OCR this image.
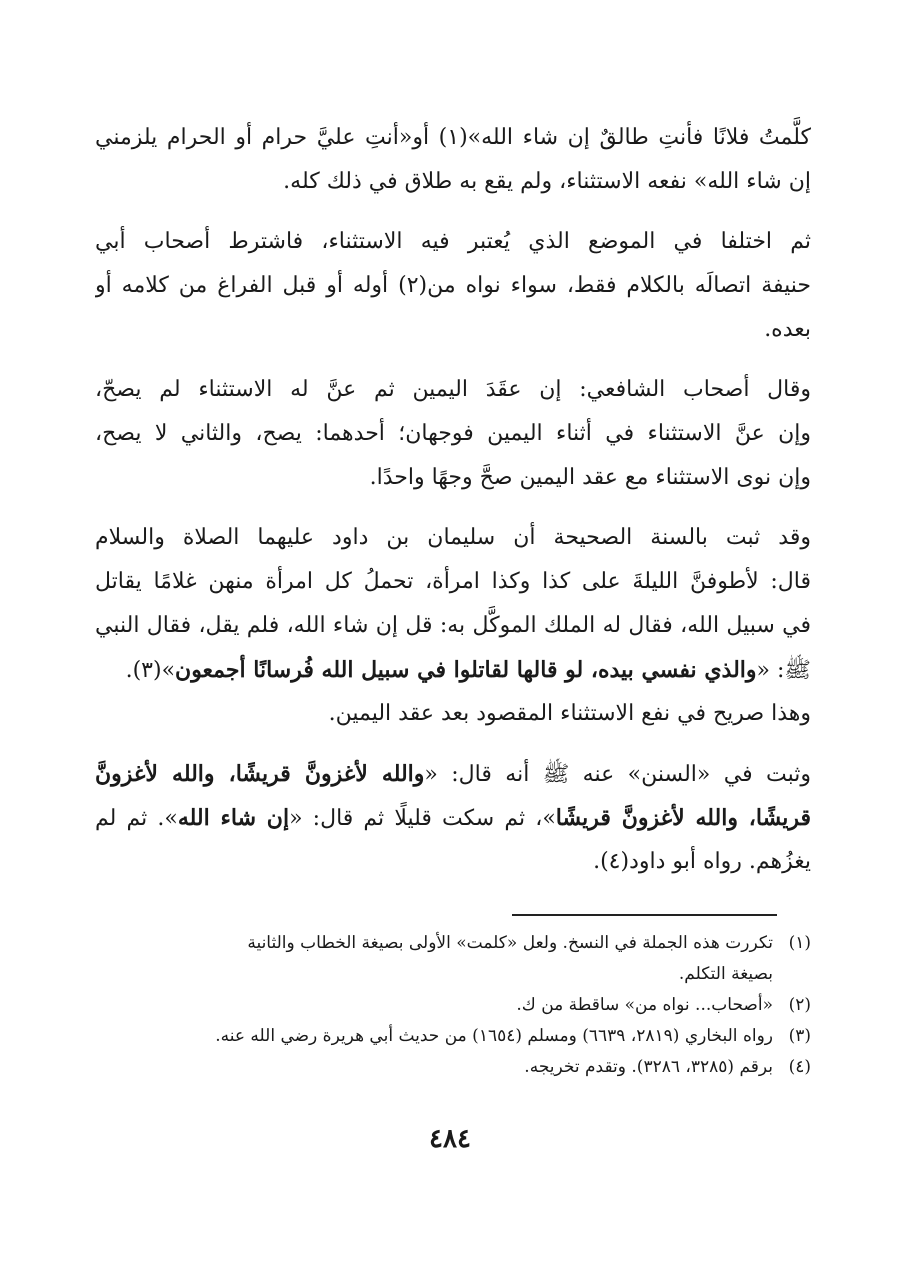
كلَّمتُ فلانًا فأنتِ طالقٌ إن شاء الله»(١) أو«أنتِ عليَّ حرام أو الحرام يلزمني
إن شاء الله» نفعه الاستثناء، ولم يقع به طلاق في ذلك كله.
ثم اختلفا في الموضع الذي يُعتبر فيه الاستثناء، فاشترط أصحاب أبي
حنيفة اتصالَه بالكلام فقط، سواء نواه من(٢) أوله أو قبل الفراغ من كلامه أو
بعده.
وقال أصحاب الشافعي: إن عقَدَ اليمين ثم عنَّ له الاستثناء لم يصحّ،
وإن عنَّ الاستثناء في أثناء اليمين فوجهان؛ أحدهما: يصح، والثاني لا يصح،
وإن نوى الاستثناء مع عقد اليمين صحَّ وجهًا واحدًا.
وقد ثبت بالسنة الصحيحة أن سليمان بن داود عليهما الصلاة والسلام
قال: لأطوفنَّ الليلةَ على كذا وكذا امرأة، تحملُ كل امرأة منهن غلامًا يقاتل
في سبيل الله، فقال له الملك الموكَّل به: قل إن شاء الله، فلم يقل، فقال النبي
ﷺ: «والذي نفسي بيده، لو قالها لقاتلوا في سبيل الله فُرسانًا أجمعون»(٣).
وهذا صريح في نفع الاستثناء المقصود بعد عقد اليمين.
وثبت في «السنن» عنه ﷺ أنه قال: «والله لأغزونَّ قريشًا، والله لأغزونَّ
قريشًا، والله لأغزونَّ قريشًا»، ثم سكت قليلًا ثم قال: «إن شاء الله». ثم لم
يغزُهم. رواه أبو داود(٤).
(١)تكررت هذه الجملة في النسخ. ولعل «كلمت» الأولى بصيغة الخطاب والثانية
بصيغة التكلم.
(٢)«أصحاب... نواه من» ساقطة من ك.
(٣)رواه البخاري (٢٨١٩، ٦٦٣٩) ومسلم (١٦٥٤) من حديث أبي هريرة رضي الله عنه.
(٤)برقم (٣٢٨٥، ٣٢٨٦). وتقدم تخريجه.
٤٨٤
